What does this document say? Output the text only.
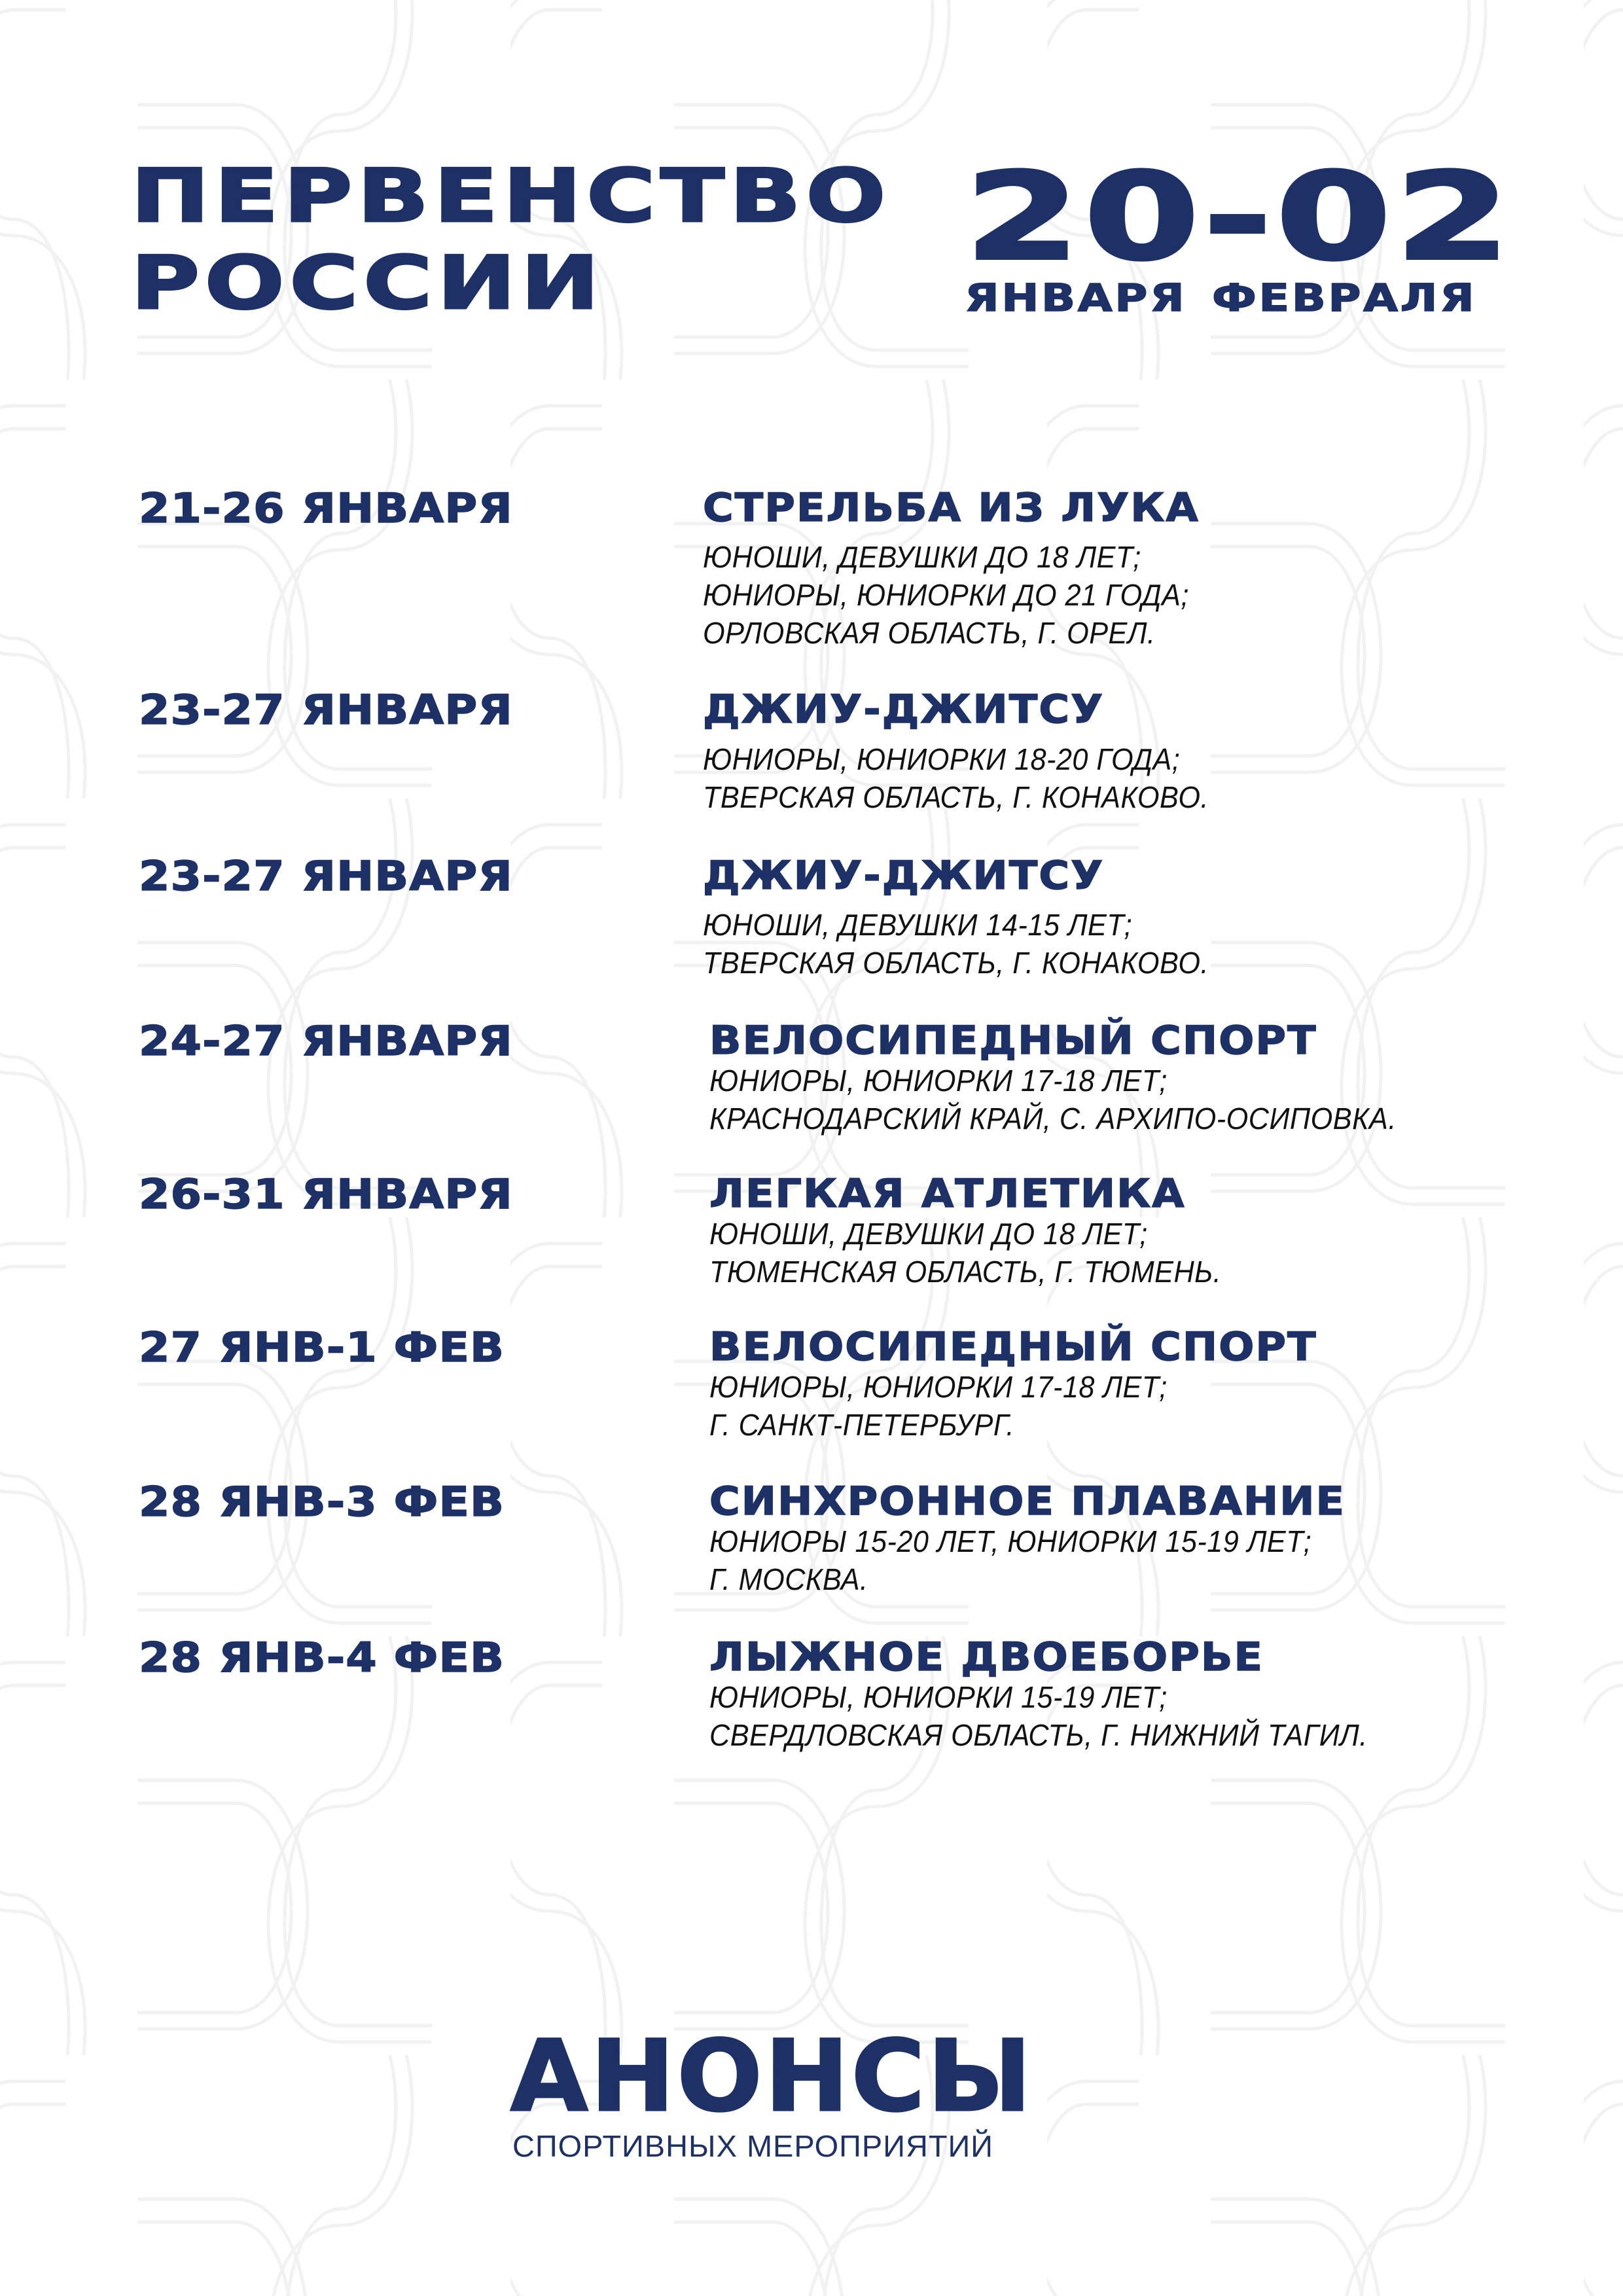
ПЕРВЕНСТВО
РОССИИ	20-02
ЯНВАРЯ ФЕВРАЛЯ
21-26 ЯНВАРЯ	СТРЕЛЬБА ИЗ ЛУКА
ЮНОШИ, ДЕВУШКИ ДО 18 ЛЕТ;
ЮНИОРЫ, ЮНИОРКИ ДО 21 ГОДА;
ОРЛОВСКАЯ ОБЛАСТЬ, Г. ОРЕЛ.
23-27 ЯНВАРЯ	ДЖИУ-ДЖИТСУ
ЮНИОРЫ, ЮНИОРКИ 18-20 ГОДА;
ТВЕРСКАЯ ОБЛАСТЬ, Г. КОНАКОВО.
23-27 ЯНВАРЯ	ДЖИУ-ДЖИТСУ
ЮНОШИ, ДЕВУШКИ 14-15 ЛЕТ;
ТВЕРСКАЯ ОБЛАСТЬ, Г. КОНАКОВО.
24-27 ЯНВАРЯ	ВЕЛОСИПЕДНЫЙ СПОРТ
ЮНИОРЫ, ЮНИОРКИ 17-18 ЛЕТ;
КРАСНОДАРСКИЙ КРАЙ, С. АРХИПО-ОСИПОВКА.
26-31 ЯНВАРЯ	ЛЕГКАЯ АТЛЕТИКА
ЮНОШИ, ДЕВУШКИ ДО 18 ЛЕТ;
ТЮМЕНСКАЯ ОБЛАСТЬ, Г. ТЮМЕНЬ.
27 ЯНВ-1 ФЕВ	ВЕЛОСИПЕДНЫЙ СПОРТ
ЮНИОРЫ, ЮНИОРКИ 17-18 ЛЕТ;
Г. САНКТ-ПЕТЕРБУРГ.
28 ЯНВ-3 ФЕВ	СИНХРОННОЕ ПЛАВАНИЕ
ЮНИОРЫ 15-20 ЛЕТ, ЮНИОРКИ 15-19 ЛЕТ;
Г. МОСКВА.
28 ЯНВ-4 ФЕВ	ЛЫЖНОЕ ДВОЕБОРЬЕ
ЮНИОРЫ, ЮНИОРКИ 15-19 ЛЕТ;
СВЕРДЛОВСКАЯ ОБЛАСТЬ, Г. НИЖНИЙ ТАГИЛ.
АНОНСЫ
СПОРТИВНЫХ МЕРОПРИЯТИЙ
